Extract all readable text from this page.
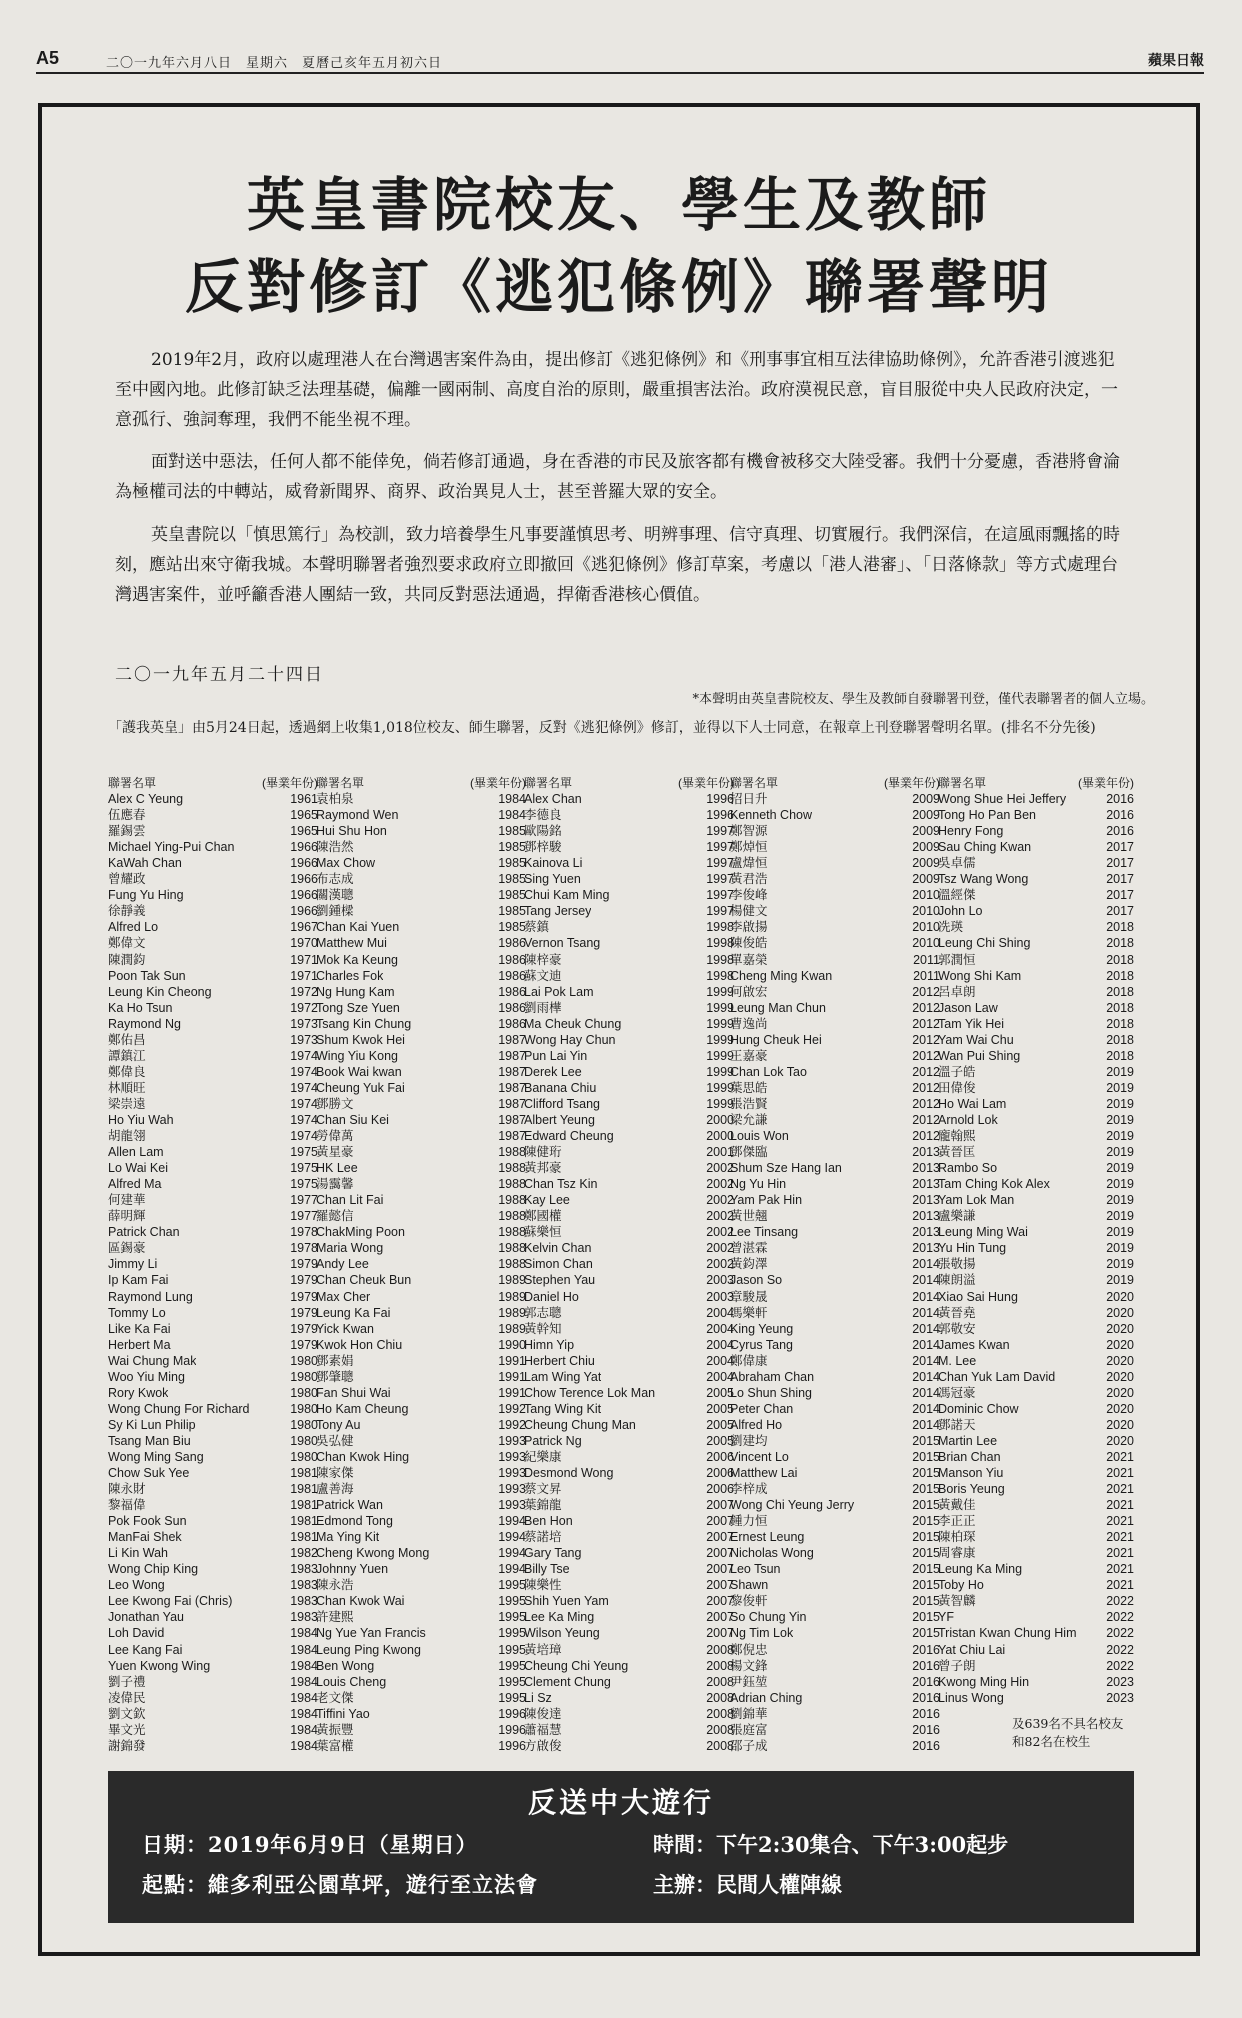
A5	二〇一九年六月八日　星期六　夏曆己亥年五月初六日	蘋果日報
英皇書院校友、學生及教師
反對修訂《逃犯條例》聯署聲明
2019年2月，政府以處理港人在台灣遇害案件為由，提出修訂《逃犯條例》和《刑事事宜相互法律協助條例》，允許香港引渡逃犯至中國內地。此修訂缺乏法理基礎，偏離一國兩制、高度自治的原則，嚴重損害法治。政府漠視民意，盲目服從中央人民政府決定，一意孤行、強詞奪理，我們不能坐視不理。
面對送中惡法，任何人都不能倖免，倘若修訂通過，身在香港的市民及旅客都有機會被移交大陸受審。我們十分憂慮，香港將會淪為極權司法的中轉站，威脅新聞界、商界、政治異見人士，甚至普羅大眾的安全。
英皇書院以「慎思篤行」為校訓，致力培養學生凡事要謹慎思考、明辨事理、信守真理、切實履行。我們深信，在這風雨飄搖的時刻，應站出來守衛我城。本聲明聯署者強烈要求政府立即撤回《逃犯條例》修訂草案，考慮以「港人港審」、「日落條款」等方式處理台灣遇害案件，並呼籲香港人團結一致，共同反對惡法通過，捍衛香港核心價值。
二〇一九年五月二十四日
*本聲明由英皇書院校友、學生及教師自發聯署刊登，僅代表聯署者的個人立場。
「護我英皇」由5月24日起，透過網上收集1,018位校友、師生聯署，反對《逃犯條例》修訂，並得以下人士同意，在報章上刊登聯署聲明名單。(排名不分先後)
聯署名單	(畢業年份)
Alex C Yeung	1961
伍應春	1965
羅錫雲	1965
Michael Ying-Pui Chan	1966
KaWah Chan	1966
曾耀政	1966
Fung Yu Hing	1966
徐靜義	1966
Alfred Lo	1967
鄭偉文	1970
陳潤鈞	1971
Poon Tak Sun	1971
Leung Kin Cheong	1972
Ka Ho Tsun	1972
Raymond Ng	1973
鄭佑昌	1973
譚鎮江	1974
鄭偉良	1974
林順旺	1974
梁崇遠	1974
Ho Yiu Wah	1974
胡龍翎	1974
Allen Lam	1975
Lo Wai Kei	1975
Alfred Ma	1975
何建華	1977
薛明輝	1977
Patrick Chan	1978
區錫豪	1978
Jimmy Li	1979
Ip Kam Fai	1979
Raymond Lung	1979
Tommy Lo	1979
Like Ka Fai	1979
Herbert Ma	1979
Wai Chung Mak	1980
Woo Yiu Ming	1980
Rory Kwok	1980
Wong Chung For Richard	1980
Sy Ki Lun Philip	1980
Tsang Man Biu	1980
Wong Ming Sang	1980
Chow Suk Yee	1981
陳永財	1981
黎福偉	1981
Pok Fook Sun	1981
ManFai Shek	1981
Li Kin Wah	1982
Wong Chip King	1983
Leo Wong	1983
Lee Kwong Fai (Chris)	1983
Jonathan Yau	1983
Loh David	1984
Lee Kang Fai	1984
Yuen Kwong Wing	1984
劉子禮	1984
凌偉民	1984
劉文欽	1984
畢文光	1984
謝錦發	1984
聯署名單	(畢業年份)
袁柏泉	1984
Raymond Wen	1984
Hui Shu Hon	1985
陳浩然	1985
Max Chow	1985
布志成	1985
關漢聰	1985
劉鍾樑	1985
Chan Kai Yuen	1985
Matthew Mui	1986
Mok Ka Keung	1986
Charles Fok	1986
Ng Hung Kam	1986
Tong Sze Yuen	1986
Tsang Kin Chung	1986
Shum Kwok Hei	1987
Wing Yiu Kong	1987
Book Wai kwan	1987
Cheung Yuk Fai	1987
鄧勝文	1987
Chan Siu Kei	1987
勞偉萬	1987
黃星豪	1988
HK Lee	1988
湯靄馨	1988
Chan Lit Fai	1988
羅懿信	1988
ChakMing Poon	1988
Maria Wong	1988
Andy Lee	1988
Chan Cheuk Bun	1989
Max Cher	1989
Leung Ka Fai	1989
Yick Kwan	1989
Kwok Hon Chiu	1990
鄧素娟	1991
鄧肇聰	1991
Fan Shui Wai	1991
Ho Kam Cheung	1992
Tony Au	1992
吳弘健	1993
Chan Kwok Hing	1993
陳家傑	1993
盧善海	1993
Patrick Wan	1993
Edmond Tong	1994
Ma Ying Kit	1994
Cheng Kwong Mong	1994
Johnny Yuen	1994
陳永浩	1995
Chan Kwok Wai	1995
許建熙	1995
Ng Yue Yan Francis	1995
Leung Ping Kwong	1995
Ben Wong	1995
Louis Cheng	1995
老文傑	1995
Tiffini Yao	1996
黃振豐	1996
葉富權	1996
聯署名單	(畢業年份)
Alex Chan	1996
李德良	1996
歐陽銘	1997
鄧梓駿	1997
Kainova Li	1997
Sing Yuen	1997
Chui Kam Ming	1997
Tang Jersey	1997
蔡鎮	1998
Vernon Tsang	1998
陳梓豪	1998
蘇文迪	1998
Lai Pok Lam	1999
劉雨樺	1999
Ma Cheuk Chung	1999
Wong Hay Chun	1999
Pun Lai Yin	1999
Derek Lee	1999
Banana Chiu	1999
Clifford Tsang	1999
Albert Yeung	2000
Edward Cheung	2000
陳健珩	2001
黃邦豪	2002
Chan Tsz Kin	2002
Kay Lee	2002
鄭國權	2002
蘇樂恒	2002
Kelvin Chan	2002
Simon Chan	2002
Stephen Yau	2003
Daniel Ho	2003
郭志聰	2004
黃幹知	2004
Himn Yip	2004
Herbert Chiu	2004
Lam Wing Yat	2004
Chow Terence Lok Man	2005
Tang Wing Kit	2005
Cheung Chung Man	2005
Patrick Ng	2005
紀樂康	2006
Desmond Wong	2006
蔡文昇	2006
葉錦龍	2007
Ben Hon	2007
蔡諾培	2007
Gary Tang	2007
Billy Tse	2007
陳樂性	2007
Shih Yuen Yam	2007
Lee Ka Ming	2007
Wilson Yeung	2007
黃培璋	2008
Cheung Chi Yeung	2008
Clement Chung	2008
Li Sz	2008
陳俊達	2008
蕭福慧	2008
方啟俊	2008
聯署名單	(畢業年份)
招日升	2009
Kenneth Chow	2009
鄭智源	2009
鄭焯恒	2009
盧煒恒	2009
黃君浩	2009
李俊峰	2010
楊健文	2010
李啟揚	2010
陳俊皓	2010
單嘉榮	2011
Cheng Ming Kwan	2011
何啟宏	2012
Leung Man Chun	2012
曹逸尚	2012
Hung Cheuk Hei	2012
王嘉豪	2012
Chan Lok Tao	2012
葉思皓	2012
張浩賢	2012
梁允謙	2012
Louis Won	2012
鄧傑臨	2013
Shum Sze Hang Ian	2013
Ng Yu Hin	2013
Yam Pak Hin	2013
黃世翹	2013
Lee Tinsang	2013
曾湛霖	2013
黃鈞澤	2014
Jason So	2014
章駿晟	2014
馮樂軒	2014
King Yeung	2014
Cyrus Tang	2014
鄭偉康	2014
Abraham Chan	2014
Lo Shun Shing	2014
Peter Chan	2014
Alfred Ho	2014
劉建均	2015
Vincent Lo	2015
Matthew Lai	2015
李梓成	2015
Wong Chi Yeung Jerry	2015
鍾力恒	2015
Ernest Leung	2015
Nicholas Wong	2015
Leo Tsun	2015
Shawn	2015
黎俊軒	2015
So Chung Yin	2015
Ng Tim Lok	2015
鄭倪忠	2016
楊文鋒	2016
尹鈺堃	2016
Adrian Ching	2016
劉錦華	2016
張庭富	2016
邵子成	2016
聯署名單	(畢業年份)
Wong Shue Hei Jeffery	2016
Tong Ho Pan Ben	2016
Henry Fong	2016
Sau Ching Kwan	2017
吳卓儒	2017
Tsz Wang Wong	2017
溫經傑	2017
John Lo	2017
冼瑛	2018
Leung Chi Shing	2018
郭潤恒	2018
Wong Shi Kam	2018
呂卓朗	2018
Jason Law	2018
Tam Yik Hei	2018
Yam Wai Chu	2018
Wan Pui Shing	2018
溫子皓	2019
田偉俊	2019
Ho Wai Lam	2019
Arnold Lok	2019
龐翰熙	2019
黃晉匡	2019
Rambo So	2019
Tam Ching Kok Alex	2019
Yam Lok Man	2019
盧樂謙	2019
Leung Ming Wai	2019
Yu Hin Tung	2019
張敬揚	2019
陳朗溢	2019
Xiao Sai Hung	2020
黃晉堯	2020
郭敬安	2020
James Kwan	2020
M. Lee	2020
Chan Yuk Lam David	2020
馮冠豪	2020
Dominic Chow	2020
鄧諾天	2020
Martin Lee	2020
Brian Chan	2021
Manson Yiu	2021
Boris Yeung	2021
黃戴佳	2021
李正正	2021
陳柏琛	2021
周睿康	2021
Leung Ka Ming	2021
Toby Ho	2021
黃智麟	2022
YF	2022
Tristan Kwan Chung Him 2022
Yat Chiu Lai	2022
曾子朗	2022
Kwong Ming Hin	2023
Linus Wong	2023
及639名不具名校友
和82名在校生
反送中大遊行
日期：2019年6月9日（星期日）	時間：下午2:30集合、下午3:00起步
起點：維多利亞公園草坪，遊行至立法會	主辦：民間人權陣線
